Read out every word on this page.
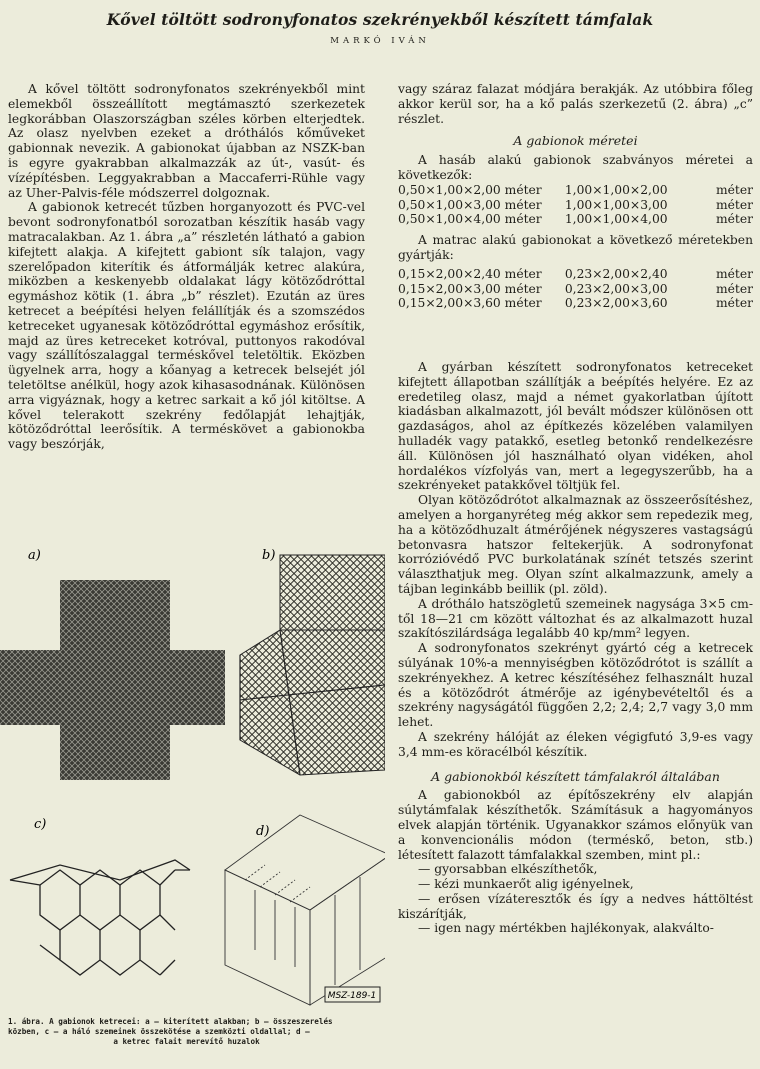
Kővel töltött sodronyfonatos szekrényekből készített támfalak
MARKÓ IVÁN

A kővel töltött sodronyfonatos szekrényekből mint elemekből összeállított megtámasztó szerkezetek legkorábban Olaszországban széles körben elterjedtek. Az olasz nyelvben ezeket a dróthálós kőműveket gabionnak nevezik. A gabionokat újabban az NSZK-ban is egyre gyakrabban alkalmazzák az út-, vasút- és vízépítésben. Leggyakrabban a Maccaferri-Rühle vagy az Uher-Palvis-féle módszerrel dolgoznak.

A gabionok ketrecét tűzben horganyozott és PVC-vel bevont sodronyfonatból sorozatban készítik hasáb vagy matracalakban. Az 1. ábra „a” részletén látható a gabion kifejtett alakja. A kifejtett gabiont sík talajon, vagy szerelőpadon kiterítik és átformálják ketrec alakúra, miközben a keskenyebb oldalakat lágy kötöződróttal egymáshoz kötik (1. ábra „b” részlet). Ezután az üres ketrecet a beépítési helyen felállítják és a szomszédos ketreceket ugyanesak kötöződróttal egymáshoz erősítik, majd az üres ketreceket kotróval, puttonyos rakodóval vagy szállítószalaggal terméskővel teletöltik. Eközben ügyelnek arra, hogy a kőanyag a ketrecek belsejét jól teletöltse anélkül, hogy azok kihasasodnának. Különösen arra vigyáznak, hogy a ketrec sarkait a kő jól kitöltse. A kővel telerakott szekrény fedőlapját lehajtják, kötöződróttal leerősítik. A terméskövet a gabionokba vagy beszórják,

vagy száraz falazat módjára berakják. Az utóbbira főleg akkor kerül sor, ha a kő palás szerkezetű (2. ábra) „c” részlet.

A gabionok méretei

A hasáb alakú gabionok szabványos méretei a következők:

0,50×1,00×2,00 méter	1,00×1,00×2,00	méter
0,50×1,00×3,00 méter	1,00×1,00×3,00	méter
0,50×1,00×4,00 méter	1,00×1,00×4,00	méter

A matrac alakú gabionokat a következő méretekben gyártják:

0,15×2,00×2,40 méter	0,23×2,00×2,40	méter
0,15×2,00×3,00 méter	0,23×2,00×3,00	méter
0,15×2,00×3,60 méter	0,23×2,00×3,60	méter

A gyárban készített sodronyfonatos ketreceket kifejtett állapotban szállítják a beépítés helyére. Ez az eredetileg olasz, majd a német gyakorlatban újított kiadásban alkalmazott, jól bevált módszer különösen ott gazdaságos, ahol az építkezés közelében valamilyen hulladék vagy patakkő, esetleg betonkő rendelkezésre áll. Különösen jól használható olyan vidéken, ahol hordalékos vízfolyás van, mert a legegyszerűbb, ha a szekrényeket patakkővel töltjük fel.

Olyan kötöződrótot alkalmaznak az összeerősítéshez, amelyen a horganyréteg még akkor sem repedezik meg, ha a kötöződhuzalt átmérőjének négyszeres vastagságú betonvasra hatszor feltekerjük. A sodronyfonat korrózióvédő PVC burkolatának színét tetszés szerint választhatjuk meg. Olyan színt alkalmazzunk, amely a tájban leginkább beillik (pl. zöld).

A dróthálo hatszögletű szemeinek nagysága 3×5 cm-től 18—21 cm között változhat és az alkalmazott huzal szakítószilárdsága legalább 40 kp/mm² legyen.

A sodronyfonatos szekrényt gyártó cég a ketrecek súlyának 10%-a mennyiségben kötöződrótot is szállít a szekrényekhez. A ketrec készítéséhez felhasznált huzal és a kötöződrót átmérője az igénybevételtől és a szekrény nagyságától függően 2,2; 2,4; 2,7 vagy 3,0 mm lehet.

A szekrény hálóját az éleken végigfutó 3,9-es vagy 3,4 mm-es köracélból készítik.

A gabionokból készített támfalakról általában

A gabionokból az építőszekrény elv alapján súlytámfalak készíthetők. Számításuk a hagyományos elvek alapján történik. Ugyanakkor számos előnyük van a konvencionális módon (terméskő, beton, stb.) létesített falazott támfalakkal szemben, mint pl.:

— gyorsabban elkészíthetők,

— kézi munkaerőt alig igényelnek,

— erősen vízáteresztők és így a nedves háttöltést kiszárítják,

— igen nagy mértékben hajlékonyak, alakválto-

a)	b)
c)	d)
MSZ-189-1
1. ábra. A gabionok ketrecei: a — kiterített alakban; b — összeszerelés
közben, c — a háló szemeinek összekötése a szemközti oldallal; d —
a ketrec falait merevítő huzalok
